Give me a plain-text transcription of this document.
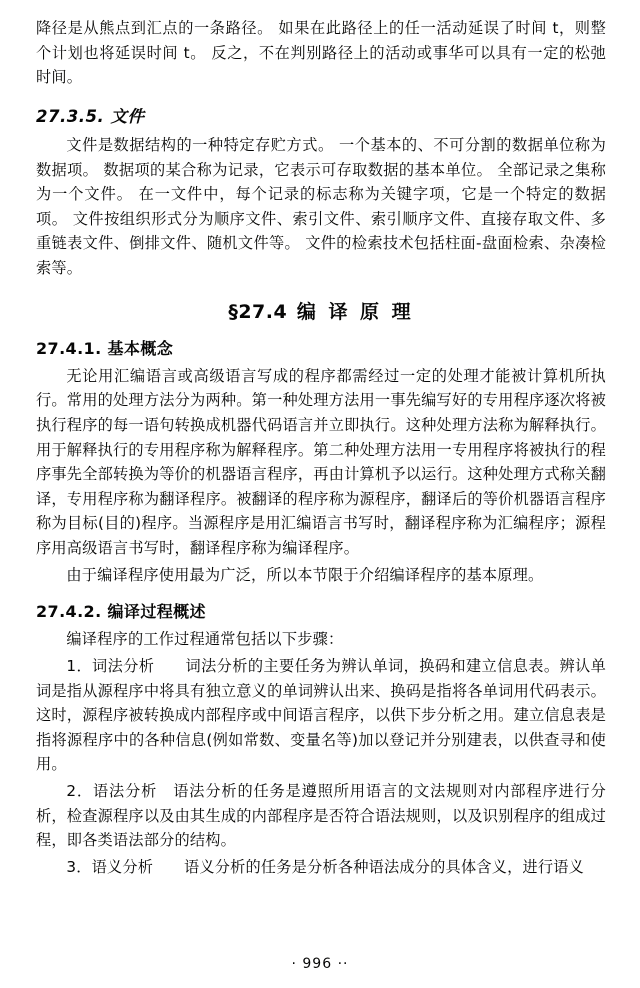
降径是从熊点到汇点的一条路径。 如果在此路径上的任一活动延误了时间 t，则整个计划也将延误时间 t。 反之，不在判别路径上的活动或事华可以具有一定的松弛时间。

27.3.5. 文件

文件是数据结构的一种特定存贮方式。 一个基本的、不可分割的数据单位称为数据项。 数据项的某合称为记录，它表示可存取数据的基本单位。 全部记录之集称为一个文件。 在一文件中，每个记录的标志称为关键字项，它是一个特定的数据项。 文件按组织形式分为顺序文件、索引文件、索引顺序文件、直接存取文件、多重链表文件、倒排文件、随机文件等。 文件的检索技术包括柱面-盘面检索、杂凑检索等。

§27.4 编 译 原 理
27.4.1. 基本概念

无论用汇编语言或高级语言写成的程序都需经过一定的处理才能被计算机所执行。常用的处理方法分为两种。第一种处理方法用一事先编写好的专用程序逐次将被执行程序的每一语句转换成机器代码语言并立即执行。这种处理方法称为解释执行。用于解释执行的专用程序称为解释程序。第二种处理方法用一专用程序将被执行的程序事先全部转换为等价的机器语言程序，再由计算机予以运行。这种处理方式称关翻译，专用程序称为翻译程序。被翻译的程序称为源程序，翻译后的等价机器语言程序称为目标(目的)程序。当源程序是用汇编语言书写时，翻译程序称为汇编程序；源程序用高级语言书写时，翻译程序称为编译程序。

由于编译程序使用最为广泛，所以本节限于介绍编译程序的基本原理。

27.4.2. 编译过程概述

编译程序的工作过程通常包括以下步骤：

1．词法分析　　词法分析的主要任务为辨认单词，换码和建立信息表。辨认单词是指从源程序中将具有独立意义的单词辨认出来、换码是指将各单词用代码表示。 这时，源程序被转换成内部程序或中间语言程序，以供下步分析之用。建立信息表是指将源程序中的各种信息(例如常数、变量名等)加以登记并分别建表，以供查寻和使用。

2．语法分析　语法分析的任务是遵照所用语言的文法规则对内部程序进行分析，检查源程序以及由其生成的内部程序是否符合语法规则，以及识别程序的组成过程，即各类语法部分的结构。

3．语义分析　　语义分析的任务是分析各种语法成分的具体含义，进行语义

· 996 ··
